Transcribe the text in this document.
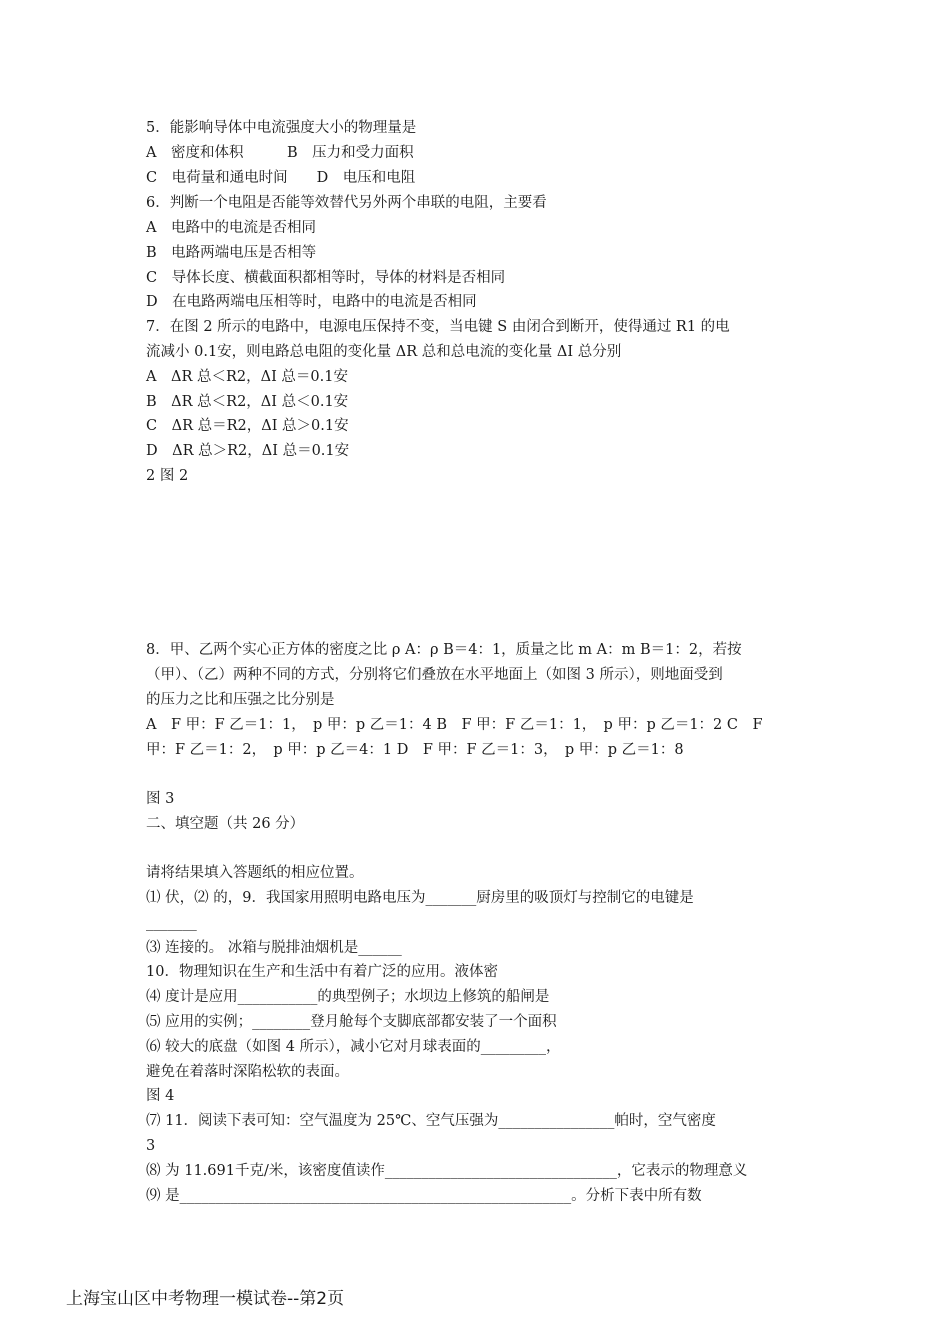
5．能影响导体中电流强度大小的物理量是
A　密度和体积　　　B　压力和受力面积
C　电荷量和通电时间　　D　电压和电阻
6．判断一个电阻是否能等效替代另外两个串联的电阻，主要看
A　电路中的电流是否相同
B　电路两端电压是否相等
C　导体长度、横截面积都相等时，导体的材料是否相同
D　在电路两端电压相等时，电路中的电流是否相同
7．在图 2 所示的电路中，电源电压保持不变，当电键 S 由闭合到断开，使得通过 R1 的电
流减小 0.1安，则电路总电阻的变化量 ΔR 总和总电流的变化量 ΔI 总分别
A　ΔR 总＜R2，ΔI 总＝0.1安
B　ΔR 总＜R2，ΔI 总＜0.1安
C　ΔR 总＝R2，ΔI 总＞0.1安
D　ΔR 总＞R2，ΔI 总＝0.1安
2 图 2
8．甲、乙两个实心正方体的密度之比 ρ A：ρ B＝4：1，质量之比 m A：m B＝1：2，若按
（甲）、（乙）两种不同的方式，分别将它们叠放在水平地面上（如图 3 所示），则地面受到
的压力之比和压强之比分别是
A　F 甲：F 乙＝1：1，　p 甲：p 乙＝1：4 B　F 甲：F 乙＝1：1，　p 甲：p 乙＝1：2 C　F
甲：F 乙＝1：2，　p 甲：p 乙＝4：1 D　F 甲：F 乙＝1：3，　p 甲：p 乙＝1：8
图 3
二、填空题（共 26 分）
请将结果填入答题纸的相应位置。
⑴ 伏，⑵ 的，9．我国家用照明电路电压为_______厨房里的吸顶灯与控制它的电键是
_______
⑶ 连接的。 冰箱与脱排油烟机是______
10．物理知识在生产和生活中有着广泛的应用。液体密
⑷ 度计是应用___________的典型例子；水坝边上修筑的船闸是
⑸ 应用的实例；________登月舱每个支脚底部都安装了一个面积
⑹ 较大的底盘（如图 4 所示），减小它对月球表面的_________，
避免在着落时深陷松软的表面。
图 4
⑺ 11．阅读下表可知：空气温度为 25℃、空气压强为________________帕时，空气密度
3
⑻ 为 11.691千克/米，该密度值读作________________________________，它表示的物理意义
⑼ 是______________________________________________________。分析下表中所有数
上海宝山区中考物理一模试卷--第2页
